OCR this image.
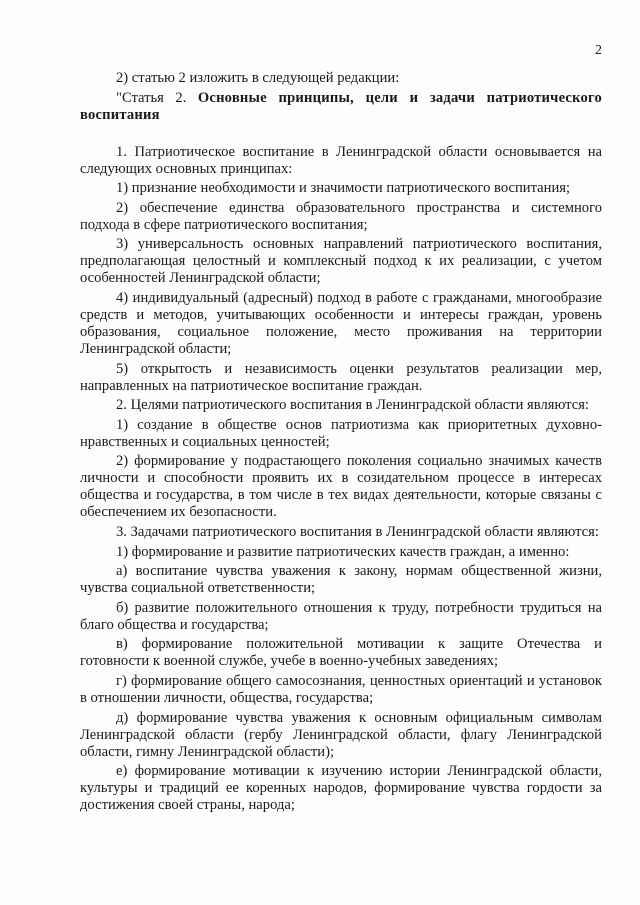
2

2) статью 2 изложить в следующей редакции:

"Статья 2. Основные принципы, цели и задачи патриотического воспитания

1. Патриотическое воспитание в Ленинградской области основывается на следующих основных принципах:

1) признание необходимости и значимости патриотического воспитания;

2) обеспечение единства образовательного пространства и системного подхода в сфере патриотического воспитания;

3) универсальность основных направлений патриотического воспитания, предполагающая целостный и комплексный подход к их реализации, с учетом особенностей Ленинградской области;

4) индивидуальный (адресный) подход в работе с гражданами, многообразие средств и методов, учитывающих особенности и интересы граждан, уровень образования, социальное положение, место проживания на территории Ленинградской области;

5) открытость и независимость оценки результатов реализации мер, направленных на патриотическое воспитание граждан.

2. Целями патриотического воспитания в Ленинградской области являются:

1) создание в обществе основ патриотизма как приоритетных духовно-нравственных и социальных ценностей;

2) формирование у подрастающего поколения социально значимых качеств личности и способности проявить их в созидательном процессе в интересах общества и государства, в том числе в тех видах деятельности, которые связаны с обеспечением их безопасности.

3. Задачами патриотического воспитания в Ленинградской области являются:

1) формирование и развитие патриотических качеств граждан, а именно:

а) воспитание чувства уважения к закону, нормам общественной жизни, чувства социальной ответственности;

б) развитие положительного отношения к труду, потребности трудиться на благо общества и государства;

в) формирование положительной мотивации к защите Отечества и готовности к военной службе, учебе в военно-учебных заведениях;

г) формирование общего самосознания, ценностных ориентаций и установок в отношении личности, общества, государства;

д) формирование чувства уважения к основным официальным символам Ленинградской области (гербу Ленинградской области, флагу Ленинградской области, гимну Ленинградской области);

е) формирование мотивации к изучению истории Ленинградской области, культуры и традиций ее коренных народов, формирование чувства гордости за достижения своей страны, народа;
